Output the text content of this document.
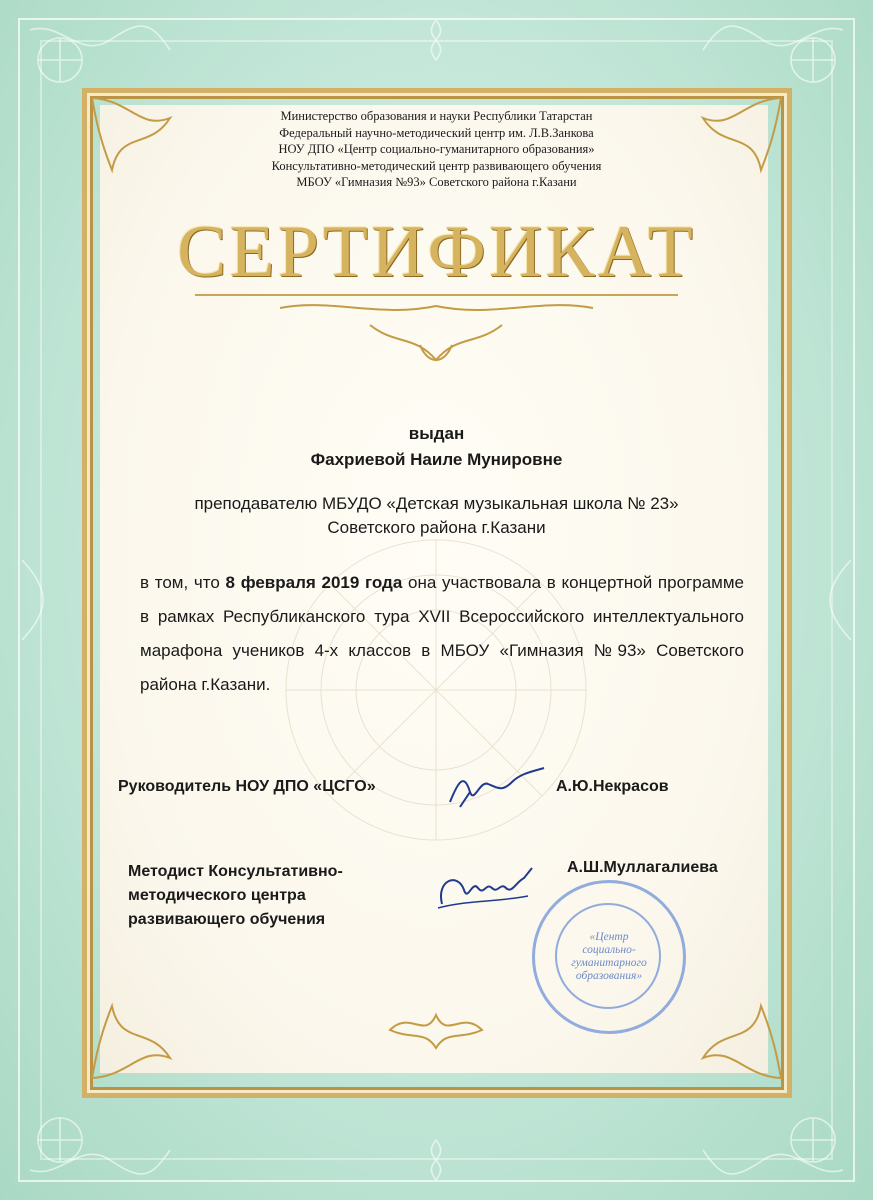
Министерство образования и науки Республики Татарстан
Федеральный научно-методический центр им. Л.В.Занкова
НОУ ДПО «Центр социально-гуманитарного образования»
Консультативно-методический центр развивающего обучения
МБОУ «Гимназия №93» Советского района г.Казани
СЕРТИФИКАТ
выдан
Фахриевой Наиле Мунировне
преподавателю МБУДО «Детская музыкальная школа № 23»
Советского района г.Казани
в том, что 8 февраля 2019 года она участвовала в концертной программе в рамках Республиканского тура XVII Всероссийского интеллектуального марафона учеников 4-х классов в МБОУ «Гимназия №93» Советского района г.Казани.
Руководитель НОУ ДПО «ЦСГО»	А.Ю.Некрасов
Методист Консультативно-
методического центра
развивающего обучения
А.Ш.Муллагалиева
«Центр
социально-
гуманитарного
образования»
